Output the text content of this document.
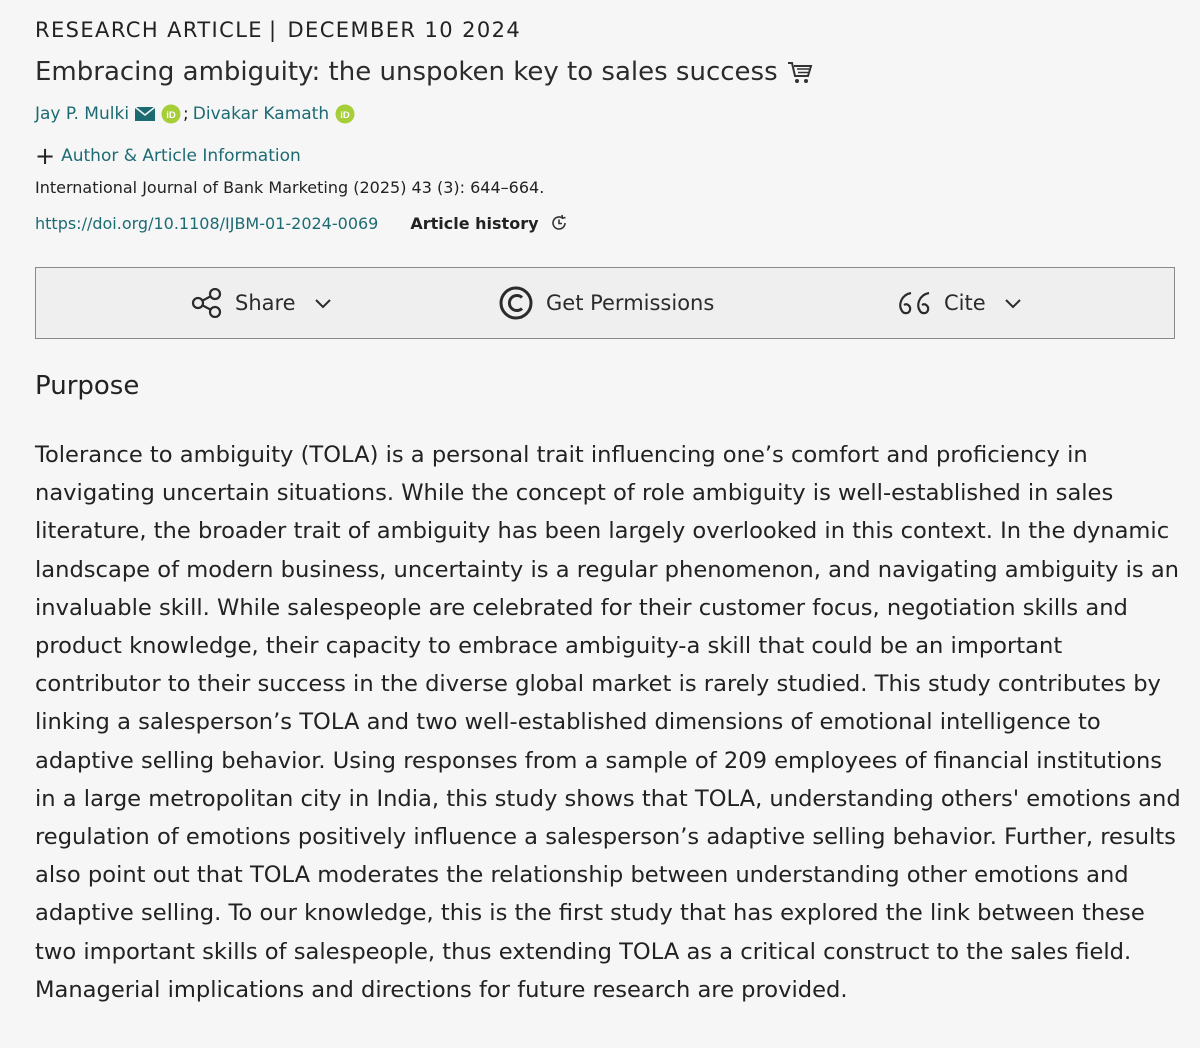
RESEARCH ARTICLE | DECEMBER 10 2024
Embracing ambiguity: the unspoken key to sales success
Jay P. Mulki	iD ; Divakar Kamath iD
+ Author & Article Information
International Journal of Bank Marketing (2025) 43 (3): 644–664.
https://doi.org/10.1108/IJBM-01-2024-0069 Article history
Share	Get Permissions	Cite
Purpose

Tolerance to ambiguity (TOLA) is a personal trait influencing one’s comfort and proficiency in navigating uncertain situations. While the concept of role ambiguity is well-established in sales literature, the broader trait of ambiguity has been largely overlooked in this context. In the dynamic landscape of modern business, uncertainty is a regular phenomenon, and navigating ambiguity is an invaluable skill. While salespeople are celebrated for their customer focus, negotiation skills and product knowledge, their capacity to embrace ambiguity-a skill that could be an important contributor to their success in the diverse global market is rarely studied. This study contributes by linking a salesperson’s TOLA and two well-established dimensions of emotional intelligence to adaptive selling behavior. Using responses from a sample of 209 employees of financial institutions in a large metropolitan city in India, this study shows that TOLA, understanding others' emotions and regulation of emotions positively influence a salesperson’s adaptive selling behavior. Further, results also point out that TOLA moderates the relationship between understanding other emotions and adaptive selling. To our knowledge, this is the first study that has explored the link between these two important skills of salespeople, thus extending TOLA as a critical construct to the sales field. Managerial implications and directions for future research are provided.
